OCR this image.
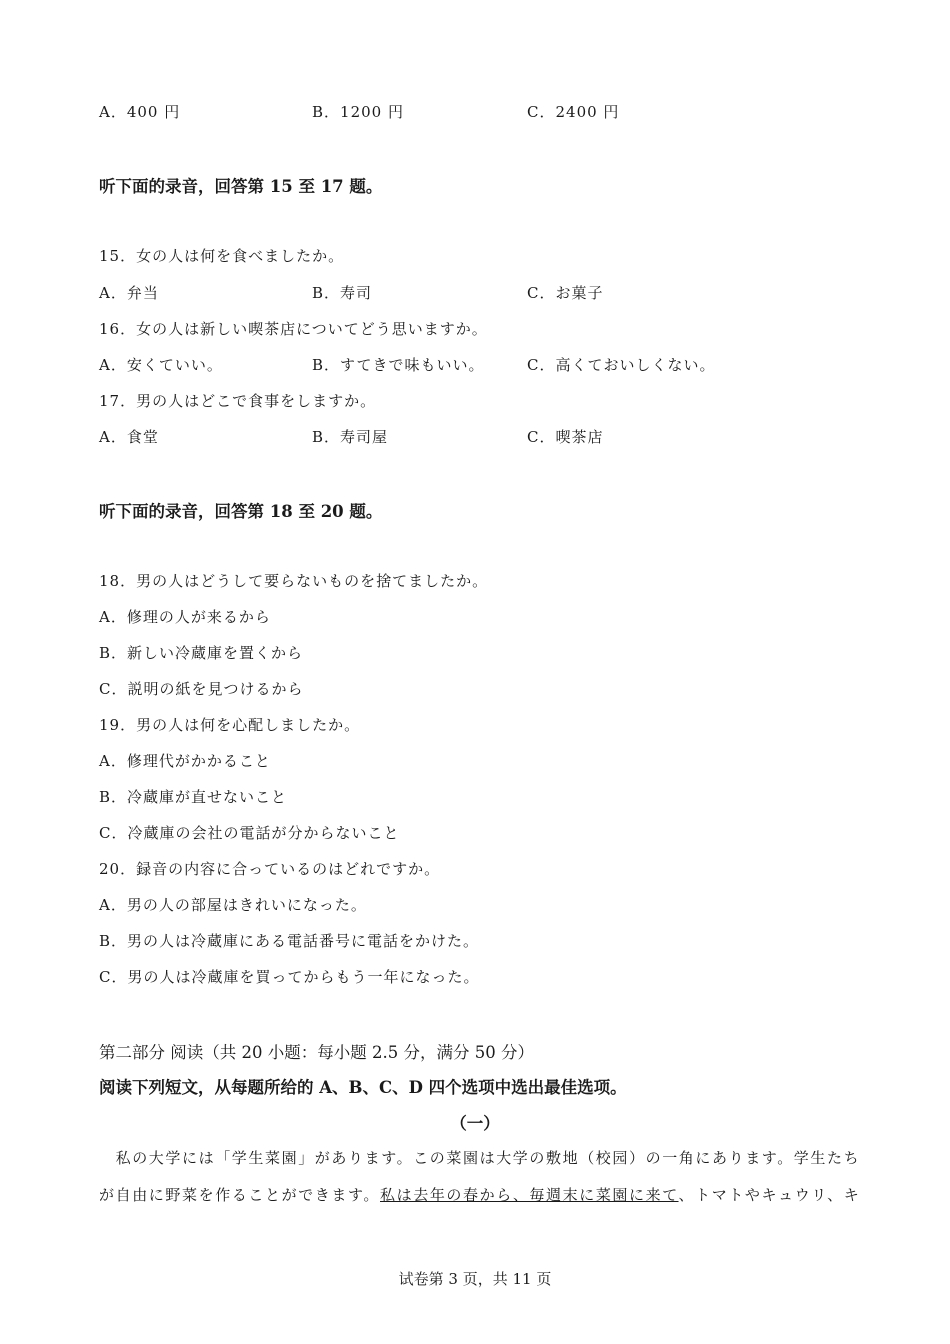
A．400 円	B．1200 円	C．2400 円
听下面的录音，回答第 15 至 17 题。
15．女の人は何を食べましたか。
A．弁当	B．寿司	C．お菓子
16．女の人は新しい喫茶店についてどう思いますか。
A．安くていい。	B．すてきで味もいい。	C．高くておいしくない。
17．男の人はどこで食事をしますか。
A．食堂	B．寿司屋	C．喫茶店
听下面的录音，回答第 18 至 20 题。
18．男の人はどうして要らないものを捨てましたか。
A．修理の人が来るから
B．新しい冷蔵庫を置くから
C．説明の紙を見つけるから
19．男の人は何を心配しましたか。
A．修理代がかかること
B．冷蔵庫が直せないこと
C．冷蔵庫の会社の電話が分からないこと
20．録音の内容に合っているのはどれですか。
A．男の人の部屋はきれいになった。
B．男の人は冷蔵庫にある電話番号に電話をかけた。
C．男の人は冷蔵庫を買ってからもう一年になった。
第二部分 阅读（共 20 小题：每小题 2.5 分，满分 50 分）
阅读下列短文，从每题所给的 A、B、C、D 四个选项中选出最佳选项。
（一）
　私の大学には「学生菜園」があります。この菜園は大学の敷地（校园）の一角にあります。学生たち
が自由に野菜を作ることができます。私は去年の春から、毎週末に菜園に来て、トマトやキュウリ、キ
试卷第 3 页，共 11 页
